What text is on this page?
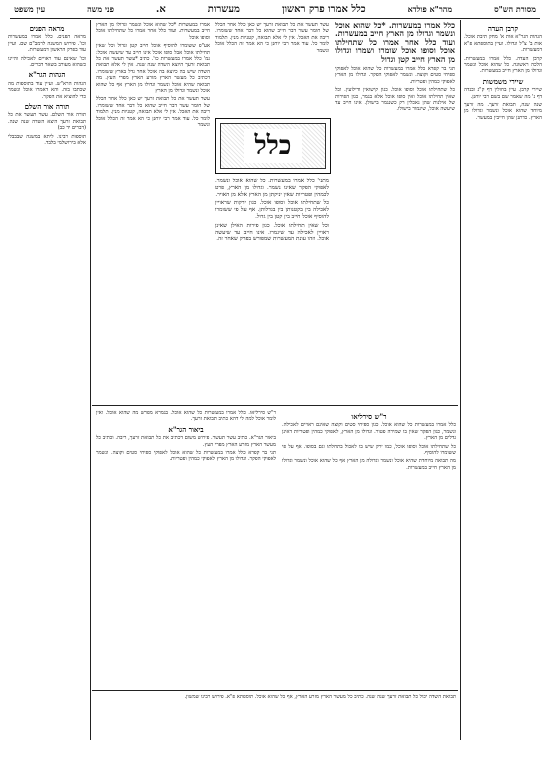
מסורת הש"ס
מהר"א פולדא
כלל אמרו פרק ראשון
מעשרות
א.
פני משה
עין משפט
קרבן העדה

הגהות הגר"א אות א' מחק תיבת אוכל. אות ב' צ"ל וגדולו. ועיין בתוספתא פ"א דמעשרות.

קרבן העדה. כלל אמרו במעשרות. הלכה ראשונה. כל שהוא אוכל ונשמר וגדולו מן הארץ חייב במעשרות.

שיירי משמשות

שיירי קרבן. עיין בחולין דף ק"ג ובנדה דף נ' מה שאמר שם בשם רבי יוחנן.

שנה שנה, תבואת זרעך. מה זרעך מיוחד שהוא אוכל ונשמר וגדולו מן הארץ. כדתנן שהן חייבין במעשר.

מראה הפנים

מראה הפנים. כלל אמרו במעשרות וכו'. פירוש המשנה לרמב"ם שם. ועיין עוד בפרק הראשון דמעשרות.

וכו' שאינם עוד ראויים לאכילה והיינו כשהוא מעורב בשאר דברים.

הגהות הגר"א

הגהות הרא"ש. ועיין עוד בתוספות מה שכתבו בזה. והא דאמרו אוכל ונשמר כדי להוציא את הפקר.

תורה אור השלם

תורה אור השלם. עשר תעשר את כל תבואת זרעך היצא השדה שנה שנה. (דברים יד כב)

תוספות רבינו. ליתא במשנה שבבבלי אלא בירושלמי בלבד.

כלל אמרו במעשרות. *כל שהוא אוכל ונשמר וגדולו מן הארץ חייב במעשרות. ועוד כלל אחר אמרו כל שתחילתו אוכל וסופו אוכל שומרו ושמרו וגדולו מן הארץ חייב קטן וגדול

תני בר קפרא כלל אמרו במעשרות כל שהוא אוכל לאפוקי ספיחי סטים וקוצה. ונשמר לאפוקי הפקר. וגדולו מן הארץ לאפוקי כמהין ופטריות.

כל שתחילתו אוכל וסופו אוכל. כגון קישואין ודילועין. וכל שאין תחילתו אוכל ואין סופו אוכל אלא בגמר, כגון הפירות של אילנות שהן נאכלין רק כשנגמר בישולן. אינו חייב עד שיעשה אוכל, שיגמור בישולו.

אמרו במעשרות *כל שהוא אוכל ונשמר וגדולו מן הארץ חייב במעשרות. ועוד כלל אחר אמרו כל שתחילתו אוכל וסופו אוכל

אע"פ ששומרו להוסיף אוכל חייב קטן וגדול וכל שאין תחילתו אוכל אבל סופו אוכל אינו חייב עד שיעשה אוכל: גמ' כלל אמרו במעשרות כו'. כתיב *עשר תעשר את כל תבואת זרעך היוצא השדה שנה שנה. אין לי אלא תבואת השדה שיש בה כיוצא בה אוכל אחר גדל בארץ ששומרו. דכתיב כל מעשר הארץ מזרע הארץ מפרי העץ. מה תבואה שהיא אוכל ונשמר וגדולו מן הארץ אף כל שהוא אוכל ונשמר וגדולו מן הארץ

עשר תעשר את כל תבואת זרעך יש כאן כלל אחר הכלל של חומר עשר דבר חייב שהוא כל דבר אחד ששומרו. ריבה את האכל. אין לי אלא תבואה, קטניות מנין. תלמוד לומר כל. עוד אמר רבי יוחנן כי הא אמר זה הכלל אוכל ונשמר

מתני' כלל אמרו במעשרות. כל שהוא אוכל ונשמר. לאפוקי הפקר שאינו נשמר. וגדולו מן הארץ, פרט לכמהין ופטריות שאין יניקתן מן הארץ אלא מן האויר.

כל שתחילתו אוכל וסופו אוכל. כגון ירקות שראויין לאכילה בין בקטנותן בין בגדלותן. אף על פי ששומרו להוסיף אוכל חייב בין קטן בין גדול.

וכל שאין תחילתו אוכל. כגון פירות האילן שאינן ראויין לאכילה עד שיגמרו. אינו חייב עד שיעשה אוכל. וזהו עונת המעשרות שמפורש בפרק שאחר זה.

עשר תעשר את כל תבואת זרעך יש כאן כלל אחר הכלל של חומר עשר דבר חייב שהוא כל דבר אחד ששומרו. ריבה את האכל. אין לי אלא תבואה, קטניות מנין. תלמוד לומר כל. עוד אמר רבי יוחנן כי הא אמר זה הכלל אוכל ונשמר

כלל
ר"ש סירליאו

כלל אמרו במעשרות כל שהוא אוכל. כגון ספיחי סטים וקוצה שאינם ראויים לאכילה. ונשמר, כגון הפקר שאין בו שמירה פטור. וגדולו מן הארץ, לאפוקי כמהין ופטריות דאינן גדלים מן הארץ.

כל שתחילתו אוכל וסופו אוכל, כמו ירק שיש בו לאכול בתחלתו וגם בסופו. אף על פי ששומרו להוסיף.

מה תבואה מיוחדת שהיא אוכל ונשמר וגדולה מן הארץ אף כל שהוא אוכל ונשמר וגדולו מן הארץ חייב במעשרות.

ר"ש סירליאו. כלל אמרו במעשרות כל שהוא אוכל. בגמרא מפרש מה שהוא אוכל. ואין לומר אוכל למה לי דהא כתיב תבואת זרעך.

ביאור הגר"א

ביאור הגר"א. כתיב עשר תעשר. פירוש משום דכתיב את כל תבואת זרעך, ריבה. וכתיב כל מעשר הארץ מזרע הארץ מפרי העץ.

תני בר קפרא כלל אמרו במעשרות כל שהוא אוכל לאפוקי ספיחי סטים וקוצה. ונשמר לאפוקי הפקר. וגדולו מן הארץ לאפוקי כמהין ופטריות.

תבואת השדה יכול כל תבואת זרעך שנה שנה. כתיב כל מעשר הארץ מזרע הארץ, אף כל שהוא אוכל. תוספתא פ"א. פירוש רבינו שמשון.
